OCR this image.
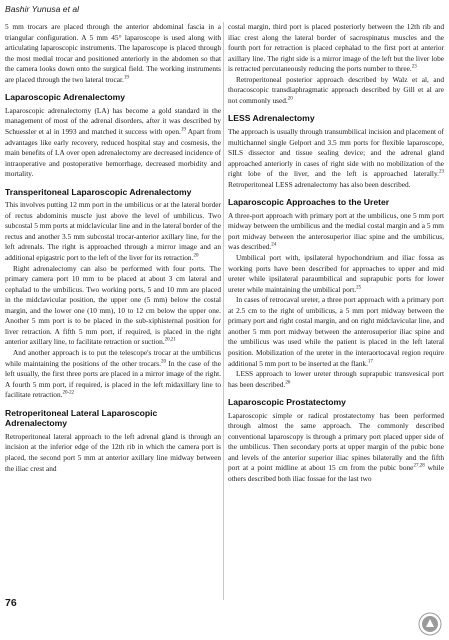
Bashir Yunusa et al

5 mm trocars are placed through the anterior abdominal fascia in a triangular configuration. A 5 mm 45° laparoscope is used along with articulating laparoscopic instruments. The laparoscope is placed through the most medial trocar and positioned anteriorly in the abdomen so that the camera looks down onto the surgical field. The working instruments are placed through the two lateral trocar.$^{19}$

Laparoscopic Adrenalectomy

Laparoscopic adrenalectomy (LA) has become a gold standard in the management of most of the adrenal disorders, after it was described by Schuessler et al in 1993 and matched it success with open.$^{19}$ Apart from advantages like early recovery, reduced hospital stay and cosmesis, the main benefits of LA over open adrenalectomy are decreased incidence of intraoperative and postoperative hemorrhage, decreased morbidity and mortality.

Transperitoneal Laparoscopic Adrenalectomy

This involves putting 12 mm port in the umbilicus or at the lateral border of rectus abdominis muscle just above the level of umbilicus. Two subcostal 5 mm ports at midclavicular line and in the lateral border of the rectus and another 3.5 mm subcostal trocar-anterior axillary line, for the left adrenals. The right is approached through a mirror image and an additional epigastric port to the left of the liver for its retraction.$^{20}$

Right adrenalectomy can also be performed with four ports. The primary camera port 10 mm to be placed at about 3 cm lateral and cephalad to the umbilicus. Two working ports, 5 and 10 mm are placed in the midclavicular position, the upper one (5 mm) below the costal margin, and the lower one (10 mm), 10 to 12 cm below the upper one. Another 5 mm port is to be placed in the sub-xiphisternal position for liver retraction. A fifth 5 mm port, if required, is placed in the right anterior axillary line, to facilitate retraction or suction.$^{20,21}$

And another approach is to put the telescope's trocar at the umbilicus while maintaining the positions of the other trocars.$^{20}$ In the case of the left usually, the first three ports are placed in a mirror image of the right. A fourth 5 mm port, if required, is placed in the left midaxillary line to facilitate retraction.$^{20-22}$

Retroperitoneal Lateral Laparoscopic Adrenalectomy

Retroperitoneal lateral approach to the left adrenal gland is through an incision at the inferior edge of the 12th rib in which the camera port is placed, the second port 5 mm at anterior axillary line midway between the iliac crest and

costal margin, third port is placed posteriorly between the 12th rib and iliac crest along the lateral border of sacrospinatus muscles and the fourth port for retraction is placed cephalad to the first port at anterior axillary line. The right side is a mirror image of the left but the liver lobe is retracted percutaneously reducing the ports number to three.$^{23}$

Retroperitoneal posterior approach described by Walz et al, and thoracoscopic transdiaphragmatic approach described by Gill et al are not commonly used.$^{20}$

LESS Adrenalectomy

The approach is usually through transumbilical incision and placement of multichannel single Gelport and 3.5 mm ports for flexible laparoscope, SILS dissector and tissue sealing device; and the adrenal gland approached anteriorly in cases of right side with no mobilization of the right lobe of the liver, and the left is approached laterally.$^{23}$ Retroperitoneal LESS adrenalectomy has also been described.

Laparoscopic Approaches to the Ureter

A three-port approach with primary port at the umbilicus, one 5 mm port midway between the umbilicus and the medial costal margin and a 5 mm port midway between the anterosuperior iliac spine and the umbilicus, was described.$^{24}$

Umbilical port with, ipsilateral hypochondrium and iliac fossa as working ports have been described for approaches to upper and mid ureter while ipsilateral paraumbilical and suprapubic ports for lower ureter while maintaining the umbilical port.$^{25}$

In cases of retrocaval ureter, a three port approach with a primary port at 2.5 cm to the right of umbilicus, a 5 mm port midway between the primary port and right costal margin, and on right midclavicular line, and another 5 mm port midway between the anterosuperior iliac spine and the umbilicus was used while the patient is placed in the left lateral position. Mobilization of the ureter in the interaortocaval region require additional 5 mm port to be inserted at the flank.$^{17}$

LESS approach to lower ureter through suprapubic transvesical port has been described.$^{26}$

Laparoscopic Prostatectomy

Laparoscopic simple or radical prostatectomy has been performed through almost the same approach. The commonly described conventional laparoscopy is through a primary port placed upper side of the umbilicus. Then secondary ports at upper margin of the pubic bone and levels of the anterior superior iliac spines bilaterally and the fifth port at a point midline at about 15 cm from the pubic bone$^{27,28}$ while others described both iliac fossae for the last two

76
